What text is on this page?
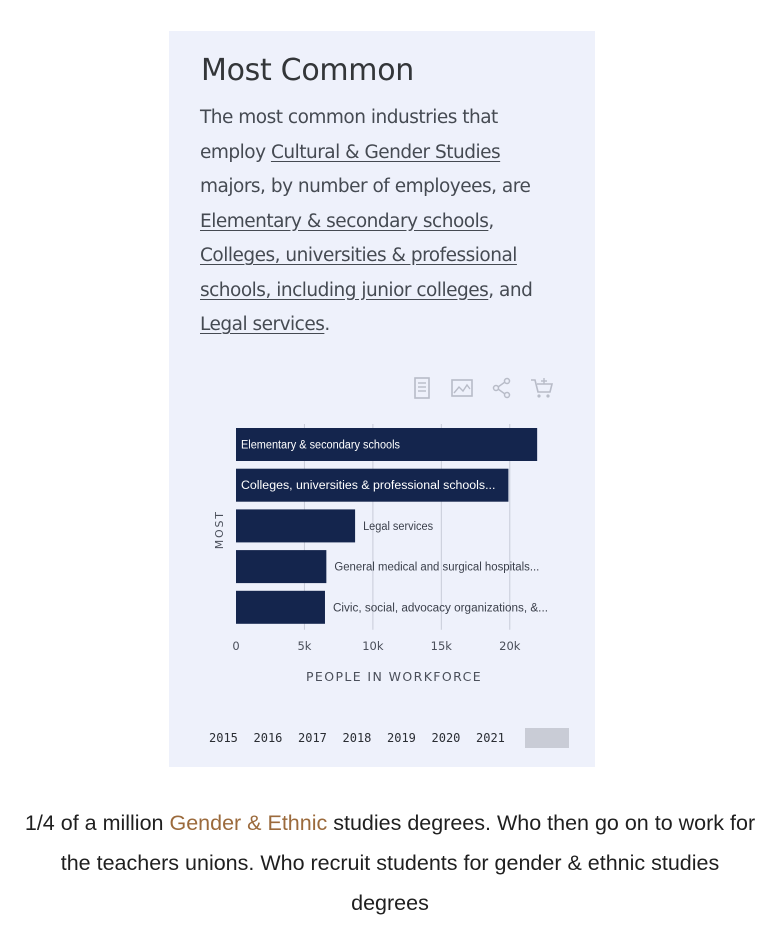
Most Common

The most common industries that employ Cultural & Gender Studies majors, by number of employees, are Elementary & secondary schools, Colleges, universities & professional schools, including junior colleges, and Legal services.

Elementary & secondary schools
Colleges, universities & professional schools...
Legal services
General medical and surgical hospitals...
Civic, social, advocacy organizations, &...
0	5k	10k	15k	20k
PEOPLE IN WORKFORCE
MOST
2015	2016	2017	2018	2019	2020	2021

1/4 of a million Gender & Ethnic studies degrees. Who then go on to work for the teachers unions. Who recruit students for gender & ethnic studies degrees
